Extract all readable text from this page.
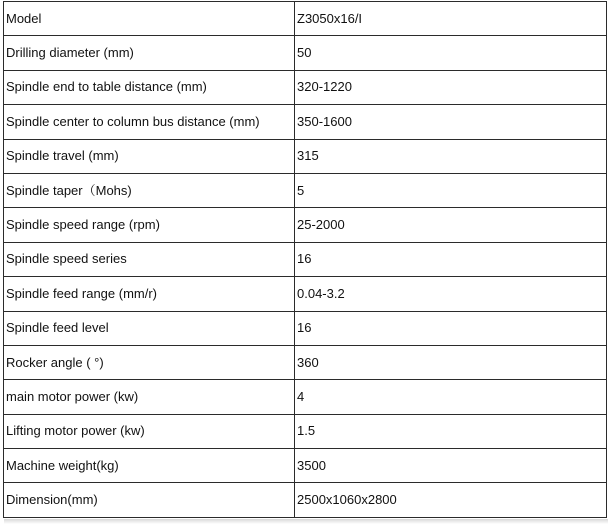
Model	Z3050x16/I
Drilling diameter (mm)	50
Spindle end to table distance (mm)	320-1220
Spindle center to column bus distance (mm)	350-1600
Spindle travel (mm)	315
Spindle taper（Mohs)	5
Spindle speed range (rpm)	25-2000
Spindle speed series	16
Spindle feed range (mm/r)	0.04-3.2
Spindle feed level	16
Rocker angle ( °)	360
main motor power (kw)	4
Lifting motor power (kw)	1.5
Machine weight(kg)	3500
Dimension(mm)	2500x1060x2800
